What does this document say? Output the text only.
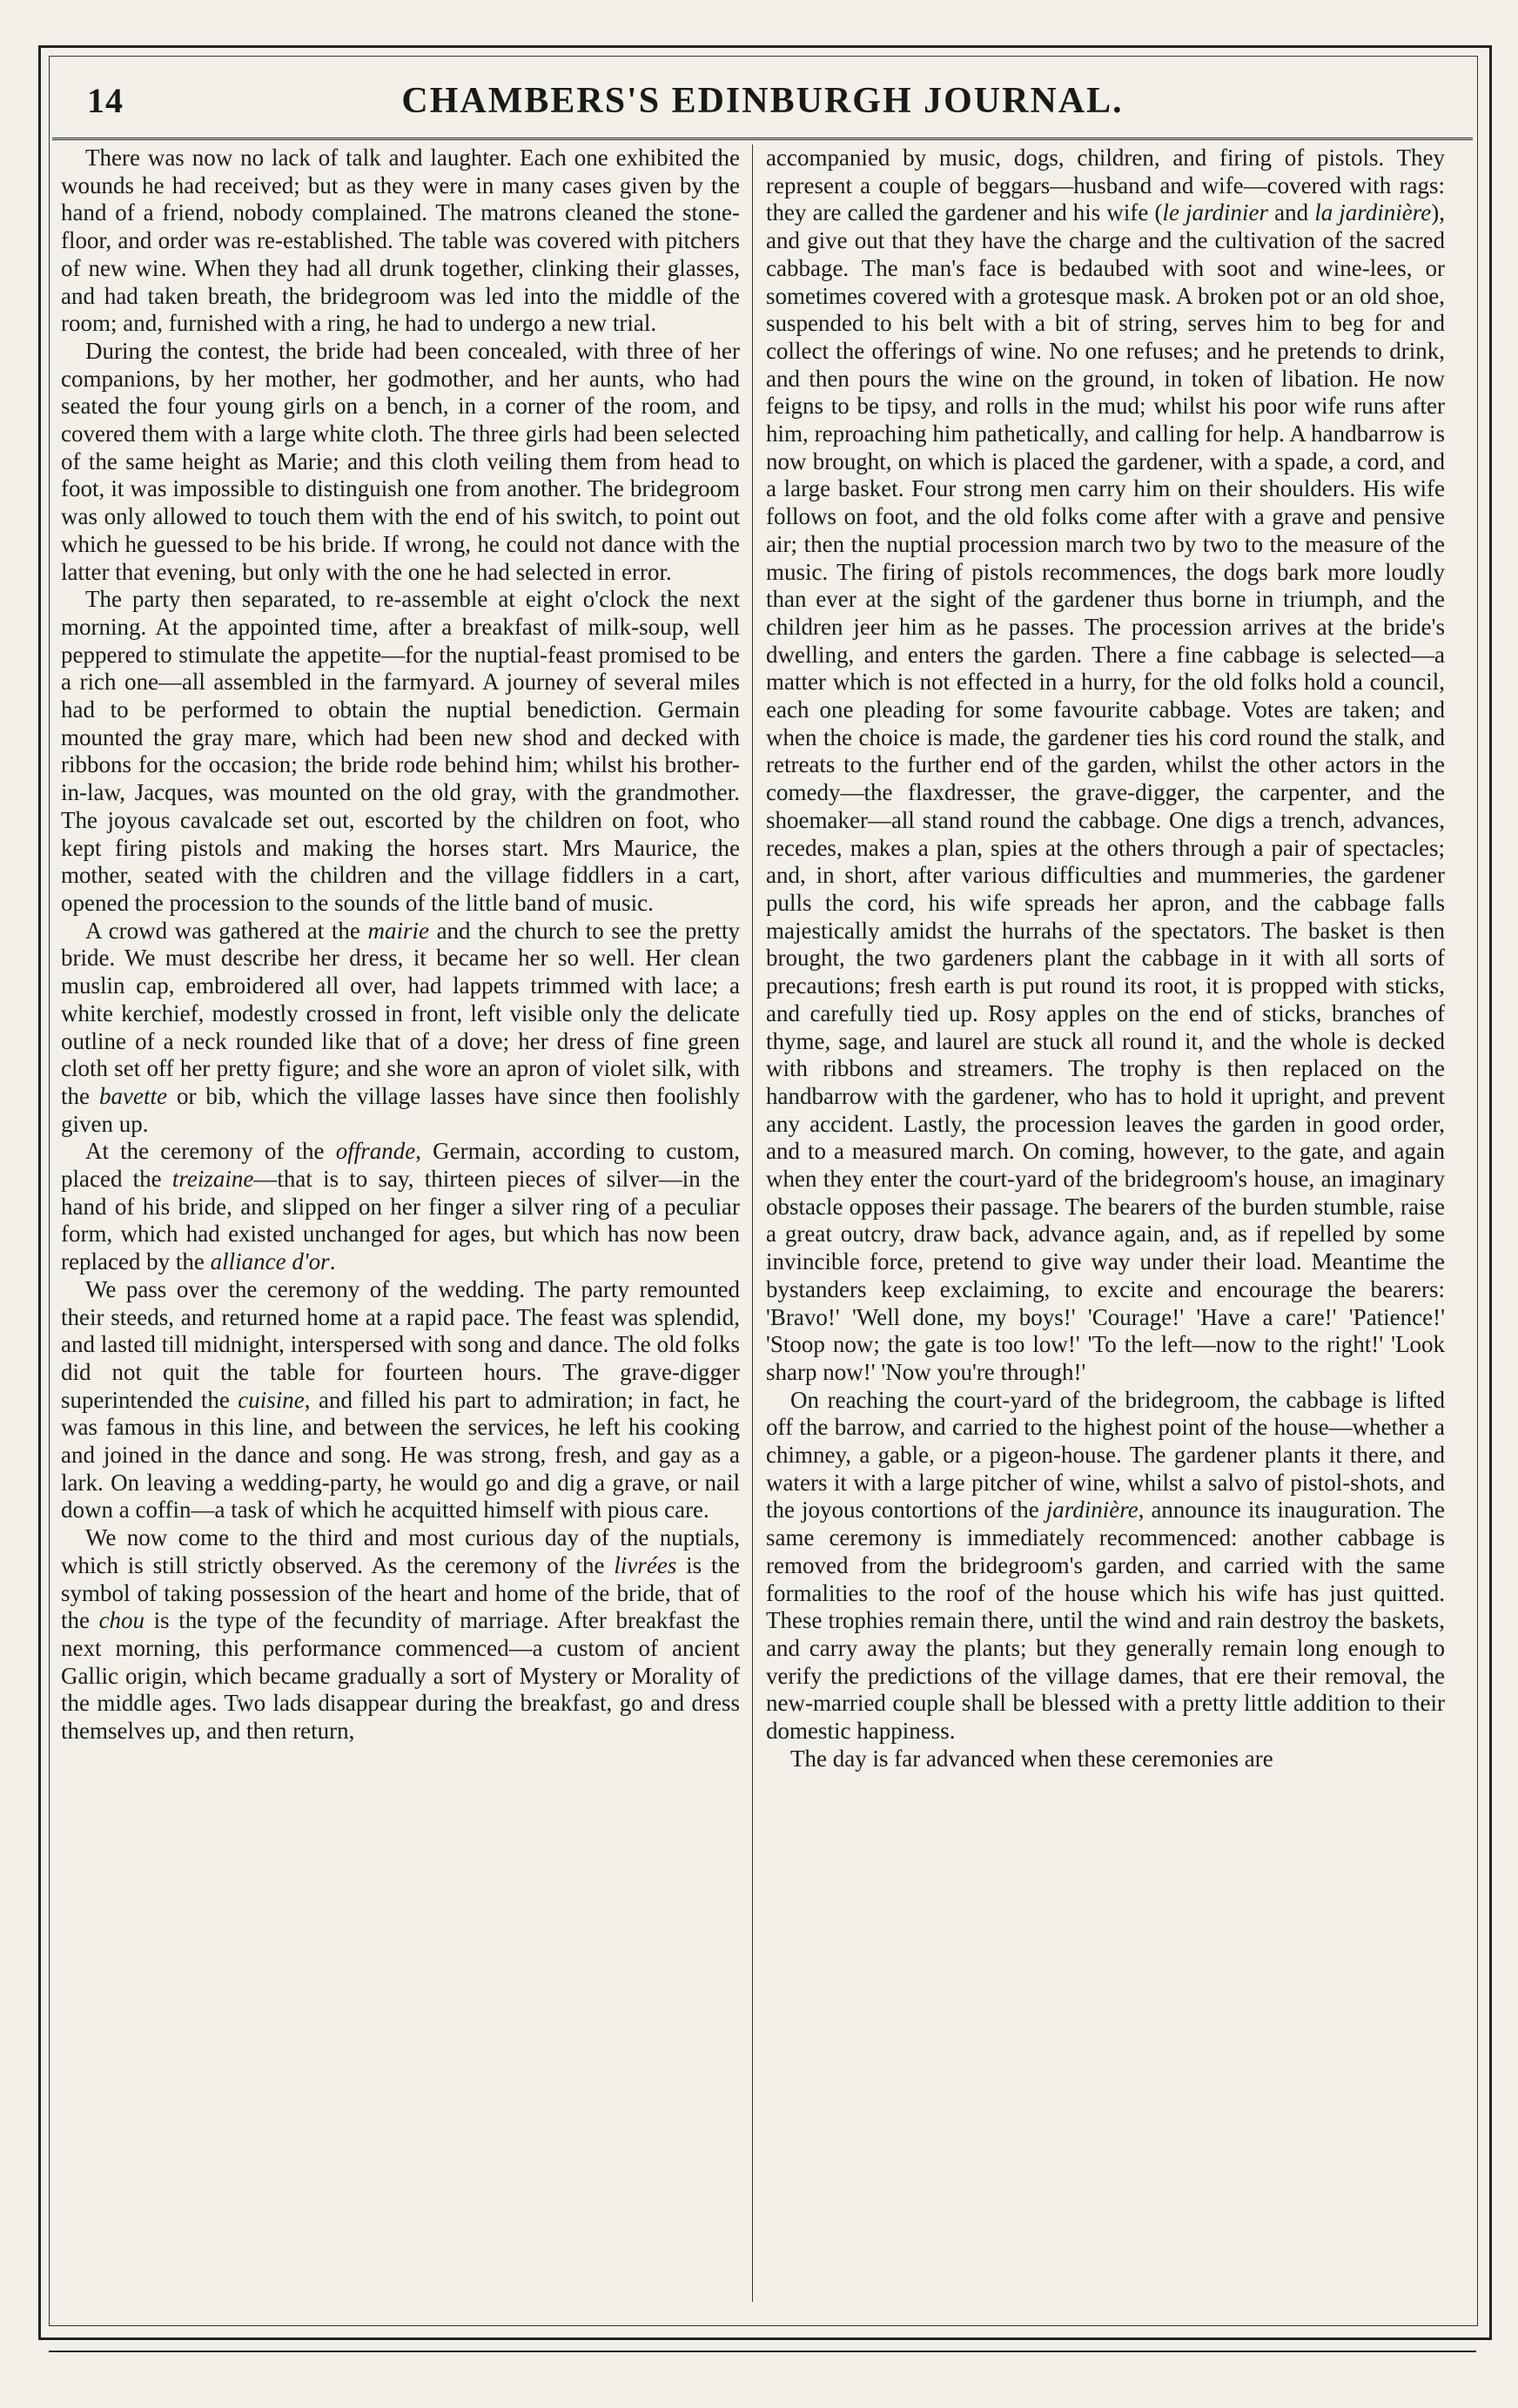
14	CHAMBERS'S EDINBURGH JOURNAL.

There was now no lack of talk and laughter. Each one exhibited the wounds he had received; but as they were in many cases given by the hand of a friend, nobody complained. The matrons cleaned the stone-floor, and order was re-established. The table was covered with pitchers of new wine. When they had all drunk together, clinking their glasses, and had taken breath, the bridegroom was led into the middle of the room; and, furnished with a ring, he had to undergo a new trial.

During the contest, the bride had been concealed, with three of her companions, by her mother, her godmother, and her aunts, who had seated the four young girls on a bench, in a corner of the room, and covered them with a large white cloth. The three girls had been selected of the same height as Marie; and this cloth veiling them from head to foot, it was impossible to distinguish one from another. The bridegroom was only allowed to touch them with the end of his switch, to point out which he guessed to be his bride. If wrong, he could not dance with the latter that evening, but only with the one he had selected in error.

The party then separated, to re-assemble at eight o'clock the next morning. At the appointed time, after a breakfast of milk-soup, well peppered to stimulate the appetite—for the nuptial-feast promised to be a rich one—all assembled in the farmyard. A journey of several miles had to be performed to obtain the nuptial benediction. Germain mounted the gray mare, which had been new shod and decked with ribbons for the occasion; the bride rode behind him; whilst his brother-in-law, Jacques, was mounted on the old gray, with the grandmother. The joyous cavalcade set out, escorted by the children on foot, who kept firing pistols and making the horses start. Mrs Maurice, the mother, seated with the children and the village fiddlers in a cart, opened the procession to the sounds of the little band of music.

A crowd was gathered at the mairie and the church to see the pretty bride. We must describe her dress, it became her so well. Her clean muslin cap, embroidered all over, had lappets trimmed with lace; a white kerchief, modestly crossed in front, left visible only the delicate outline of a neck rounded like that of a dove; her dress of fine green cloth set off her pretty figure; and she wore an apron of violet silk, with the bavette or bib, which the village lasses have since then foolishly given up.

At the ceremony of the offrande, Germain, according to custom, placed the treizaine—that is to say, thirteen pieces of silver—in the hand of his bride, and slipped on her finger a silver ring of a peculiar form, which had existed unchanged for ages, but which has now been replaced by the alliance d'or.

We pass over the ceremony of the wedding. The party remounted their steeds, and returned home at a rapid pace. The feast was splendid, and lasted till midnight, interspersed with song and dance. The old folks did not quit the table for fourteen hours. The grave-digger superintended the cuisine, and filled his part to admiration; in fact, he was famous in this line, and between the services, he left his cooking and joined in the dance and song. He was strong, fresh, and gay as a lark. On leaving a wedding-party, he would go and dig a grave, or nail down a coffin—a task of which he acquitted himself with pious care.

We now come to the third and most curious day of the nuptials, which is still strictly observed. As the ceremony of the livrées is the symbol of taking possession of the heart and home of the bride, that of the chou is the type of the fecundity of marriage. After breakfast the next morning, this performance commenced—a custom of ancient Gallic origin, which became gradually a sort of Mystery or Morality of the middle ages. Two lads disappear during the breakfast, go and dress themselves up, and then return,

accompanied by music, dogs, children, and firing of pistols. They represent a couple of beggars—husband and wife—covered with rags: they are called the gardener and his wife (le jardinier and la jardinière), and give out that they have the charge and the cultivation of the sacred cabbage. The man's face is bedaubed with soot and wine-lees, or sometimes covered with a grotesque mask. A broken pot or an old shoe, suspended to his belt with a bit of string, serves him to beg for and collect the offerings of wine. No one refuses; and he pretends to drink, and then pours the wine on the ground, in token of libation. He now feigns to be tipsy, and rolls in the mud; whilst his poor wife runs after him, reproaching him pathetically, and calling for help. A handbarrow is now brought, on which is placed the gardener, with a spade, a cord, and a large basket. Four strong men carry him on their shoulders. His wife follows on foot, and the old folks come after with a grave and pensive air; then the nuptial procession march two by two to the measure of the music. The firing of pistols recommences, the dogs bark more loudly than ever at the sight of the gardener thus borne in triumph, and the children jeer him as he passes. The procession arrives at the bride's dwelling, and enters the garden. There a fine cabbage is selected—a matter which is not effected in a hurry, for the old folks hold a council, each one pleading for some favourite cabbage. Votes are taken; and when the choice is made, the gardener ties his cord round the stalk, and retreats to the further end of the garden, whilst the other actors in the comedy—the flaxdresser, the grave-digger, the carpenter, and the shoemaker—all stand round the cabbage. One digs a trench, advances, recedes, makes a plan, spies at the others through a pair of spectacles; and, in short, after various difficulties and mummeries, the gardener pulls the cord, his wife spreads her apron, and the cabbage falls majestically amidst the hurrahs of the spectators. The basket is then brought, the two gardeners plant the cabbage in it with all sorts of precautions; fresh earth is put round its root, it is propped with sticks, and carefully tied up. Rosy apples on the end of sticks, branches of thyme, sage, and laurel are stuck all round it, and the whole is decked with ribbons and streamers. The trophy is then replaced on the handbarrow with the gardener, who has to hold it upright, and prevent any accident. Lastly, the procession leaves the garden in good order, and to a measured march. On coming, however, to the gate, and again when they enter the court-yard of the bridegroom's house, an imaginary obstacle opposes their passage. The bearers of the burden stumble, raise a great outcry, draw back, advance again, and, as if repelled by some invincible force, pretend to give way under their load. Meantime the bystanders keep exclaiming, to excite and encourage the bearers: 'Bravo!' 'Well done, my boys!' 'Courage!' 'Have a care!' 'Patience!' 'Stoop now; the gate is too low!' 'To the left—now to the right!' 'Look sharp now!' 'Now you're through!'

On reaching the court-yard of the bridegroom, the cabbage is lifted off the barrow, and carried to the highest point of the house—whether a chimney, a gable, or a pigeon-house. The gardener plants it there, and waters it with a large pitcher of wine, whilst a salvo of pistol-shots, and the joyous contortions of the jardinière, announce its inauguration. The same ceremony is immediately recommenced: another cabbage is removed from the bridegroom's garden, and carried with the same formalities to the roof of the house which his wife has just quitted. These trophies remain there, until the wind and rain destroy the baskets, and carry away the plants; but they generally remain long enough to verify the predictions of the village dames, that ere their removal, the new-married couple shall be blessed with a pretty little addition to their domestic happiness.

The day is far advanced when these ceremonies are
